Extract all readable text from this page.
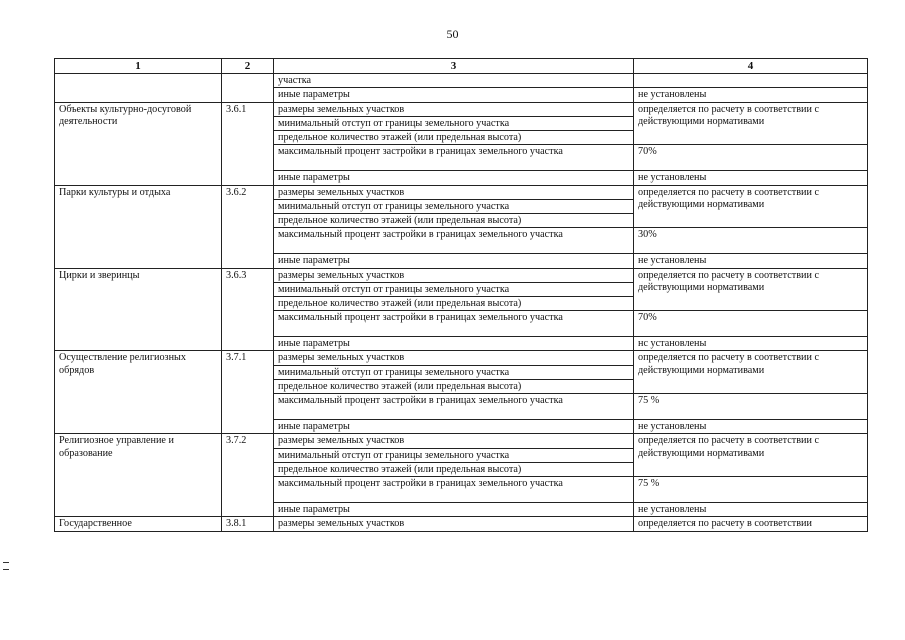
50
1	2	3	4
		участка	
		иные параметры	не установлены
Объекты культурно-досуговой деятельности	3.6.1	размеры земельных участков	определяется по расчету в соответствии с действующими нормативами
		минимальный отступ от границы земельного участка	
		предельное количество этажей (или предельная высота)	
		максимальный процент застройки в границах земельного участка	70%
		иные параметры	не установлены
Парки культуры и отдыха	3.6.2	размеры земельных участков	определяется по расчету в соответствии с действующими нормативами
		минимальный отступ от границы земельного участка	
		предельное количество этажей (или предельная высота)	
		максимальный процент застройки в границах земельного участка	30%
		иные параметры	не установлены
Цирки и зверинцы	3.6.3	размеры земельных участков	определяется по расчету в соответствии с действующими нормативами
		минимальный отступ от границы земельного участка	
		предельное количество этажей (или предельная высота)	
		максимальный процент застройки в границах земельного участка	70%
		иные параметры	нс установлены
Осуществление религиозных обрядов	3.7.1	размеры земельных участков	определяется по расчету в соответствии с действующими нормативами
		минимальный отступ от границы земельного участка	
		предельное количество этажей (или предельная высота)	
		максимальный процент застройки в границах земельного участка	75 %
		иные параметры	не установлены
Религиозное управление и образование	3.7.2	размеры земельных участков	определяется по расчету в соответствии с действующими нормативами
		минимальный отступ от границы земельного участка	
		предельное количество этажей (или предельная высота)	
		максимальный процент застройки в границах земельного участка	75 %
		иные параметры	не установлены
Государственное	3.8.1	размеры земельных участков	определяется по расчету в соответствии
